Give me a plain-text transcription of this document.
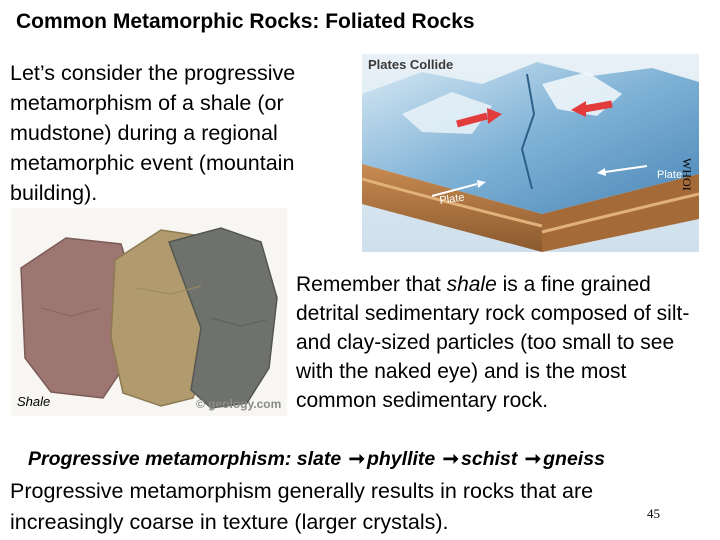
Common Metamorphic Rocks: Foliated Rocks
Let’s consider the progressive metamorphism of a shale (or mudstone) during a regional metamorphic event (mountain building).
Plates Collide
Plate
Plate
WHOI
Shale	© geology.com
Remember that shale is a fine grained detrital sedimentary rock composed of silt- and clay-sized particles (too small to see with the naked eye) and is the most common sedimentary rock.
Progressive metamorphism: slate ➞ phyllite ➞ schist ➞ gneiss
Progressive metamorphism generally results in rocks that are increasingly coarse in texture (larger crystals).	45
